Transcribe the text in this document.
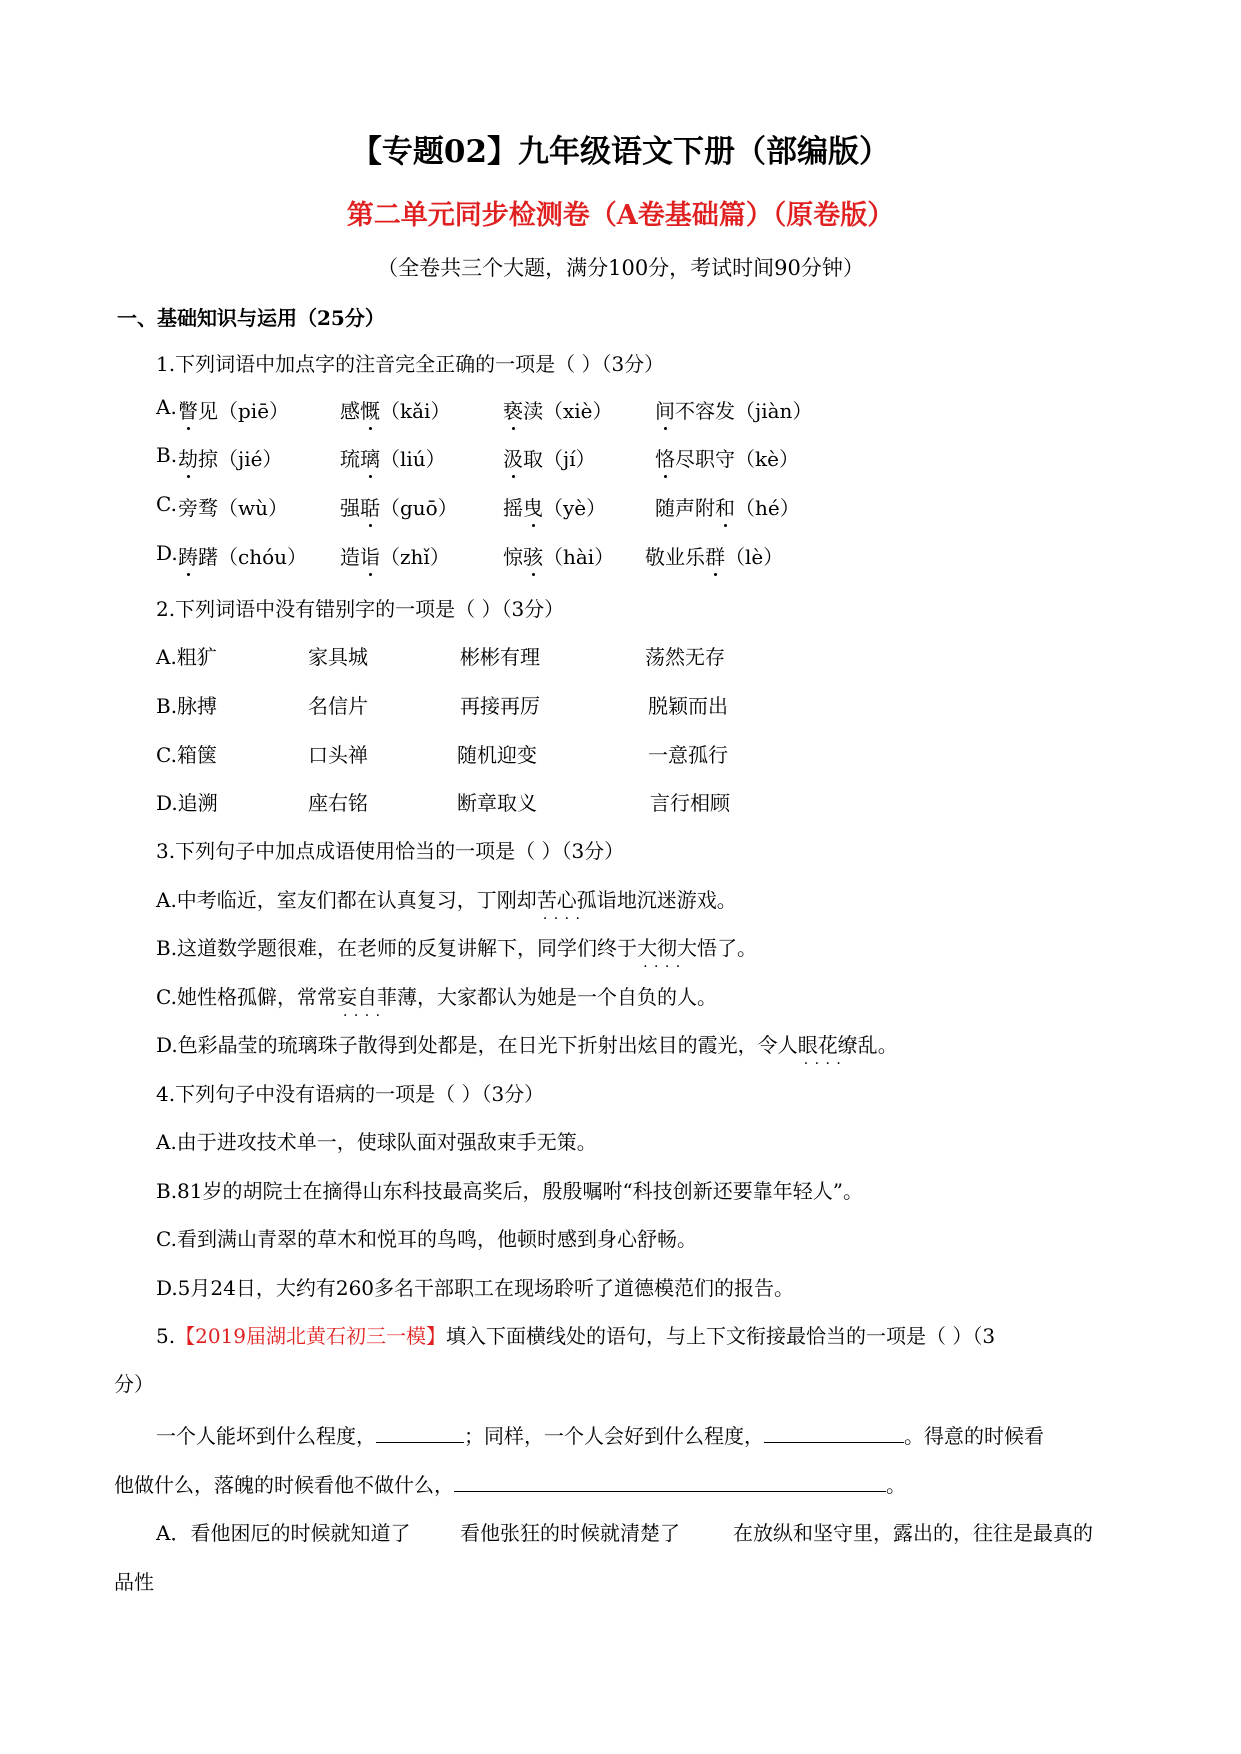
【专题02】九年级语文下册（部编版）
第二单元同步检测卷（A卷基础篇）（原卷版）
（全卷共三个大题，满分100分，考试时间90分钟）
一、基础知识与运用（25分）
1.下列词语中加点字的注音完全正确的一项是（ ）（3分）
A. 瞥见（piē）	感慨（kǎi）	亵渎（xiè） 间不容发（jiàn）
B. 劫掠（jié）	琉璃（liú）	汲取（jí）	恪尽职守（kè）
C. 旁骛（wù）	强聒（guō） 摇曳（yè） 随声附和（hé）
D. 踌躇（chóu） 造诣（zhǐ）	惊骇（hài） 敬业乐群（lè）
2.下列词语中没有错别字的一项是（ ）（3分）
A.粗犷	家具城	彬彬有理	荡然无存
B.脉搏	名信片	再接再厉	脱颖而出
C.箱箧	口头禅	随机迎变	一意孤行
D.追溯	座右铭	断章取义	言行相顾
3.下列句子中加点成语使用恰当的一项是（ ）（3分）
A.中考临近，室友们都在认真复习，丁刚却苦心孤诣 · ·地沉迷游戏。
B.这道数学题很难，在老师的反复讲解下，同学们终于大彻大悟 · ·了。
C.她性格孤僻，常常妄自菲薄 · ·，大家都认为她是一个自负的人。
D.色彩晶莹的琉璃珠子散得到处都是，在日光下折射出炫目的霞光，令人眼花缭乱 · ·。
4.下列句子中没有语病的一项是（ ）（3分）
A.由于进攻技术单一，使球队面对强敌束手无策。
B.81岁的胡院士在摘得山东科技最高奖后，殷殷嘱咐“科技创新还要靠年轻人”。
C.看到满山青翠的草木和悦耳的鸟鸣，他顿时感到身心舒畅。
D.5月24日，大约有260多名干部职工在现场聆听了道德模范们的报告。
5.【2019届湖北黄石初三一模】填入下面横线处的语句，与上下文衔接最恰当的一项是（ ）（3
分）
一个人能坏到什么程度，	；同样，一个人会好到什么程度，	。得意的时候看
他做什么，落魄的时候看他不做什么，	。
A．看他困厄的时候就知道了 看他张狂的时候就清楚了	在放纵和坚守里，露出的，往往是最真的
品性
